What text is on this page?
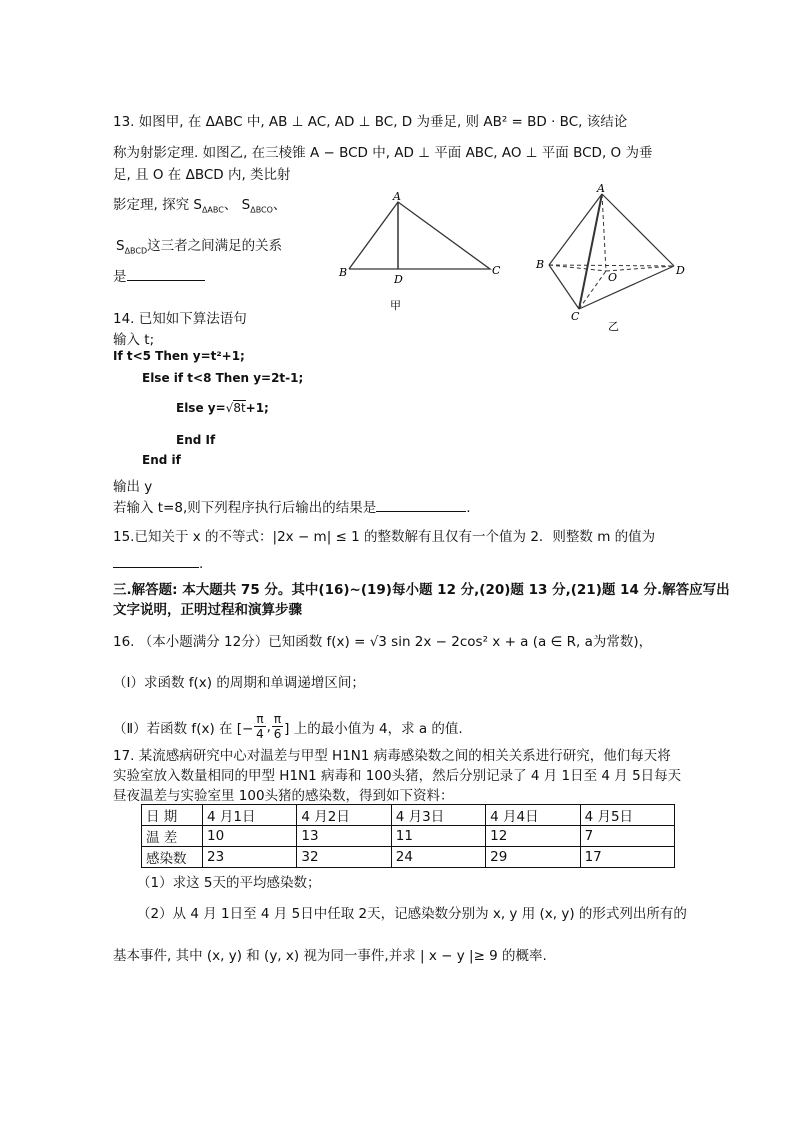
13. 如图甲, 在 ΔABC 中, AB ⊥ AC, AD ⊥ BC, D 为垂足, 则 AB² = BD · BC, 该结论
称为射影定理. 如图乙, 在三棱锥 A − BCD 中, AD ⊥ 平面 ABC, AO ⊥ 平面 BCD, O 为垂
足, 且 O 在 ΔBCD 内, 类比射
影定理, 探究 $S_{\Delta ABC}$、 $S_{\Delta BCO}$、
$S_{\Delta BCD}$这三者之间满足的关系
是
A
B	C
D
甲
A
B
C
D
O
乙
14. 已知如下算法语句
输入 t;
If t<5 Then y=t²+1;
Else if t<8 Then y=2t-1;
Else y=√8t+1;
End If
End if
输出 y
若输入 t=8,则下列程序执行后输出的结果是	.
15.已知关于 x 的不等式：|2x − m| ≤ 1 的整数解有且仅有一个值为 2．则整数 m 的值为
.
三.解答题: 本大题共 75 分。其中(16)~(19)每小题 12 分,(20)题 13 分,(21)题 14 分.解答应写出
文字说明，正明过程和演算步骤
16. （本小题满分 12分）已知函数 f(x) = √3 sin 2x − 2cos² x + a (a ∈ R, a为常数)，
（Ⅰ）求函数 f(x) 的周期和单调递增区间；
（Ⅱ）若函数 f(x) 在 [− $\frac{\pi}{4}$ , π
6 ] 上的最小值为 4，求 a 的值.
17. 某流感病研究中心对温差与甲型 H1N1 病毒感染数之间的相关关系进行研究，他们每天将
实验室放入数量相同的甲型 H1N1 病毒和 100头猪，然后分别记录了 4 月 1日至 4 月 5日每天
昼夜温差与实验室里 100头猪的感染数，得到如下资料：
日 期	4 月1日	4 月2日	4 月3日	4 月4日	4 月5日
温 差	10	13	11	12	7
感染数	23	32	24	29	17
（1）求这 5天的平均感染数；
（2）从 4 月 1日至 4 月 5日中任取 2天，记感染数分别为 x, y 用 (x, y) 的形式列出所有的
基本事件, 其中 (x, y) 和 (y, x) 视为同一事件,并求 | x − y |≥ 9 的概率.
